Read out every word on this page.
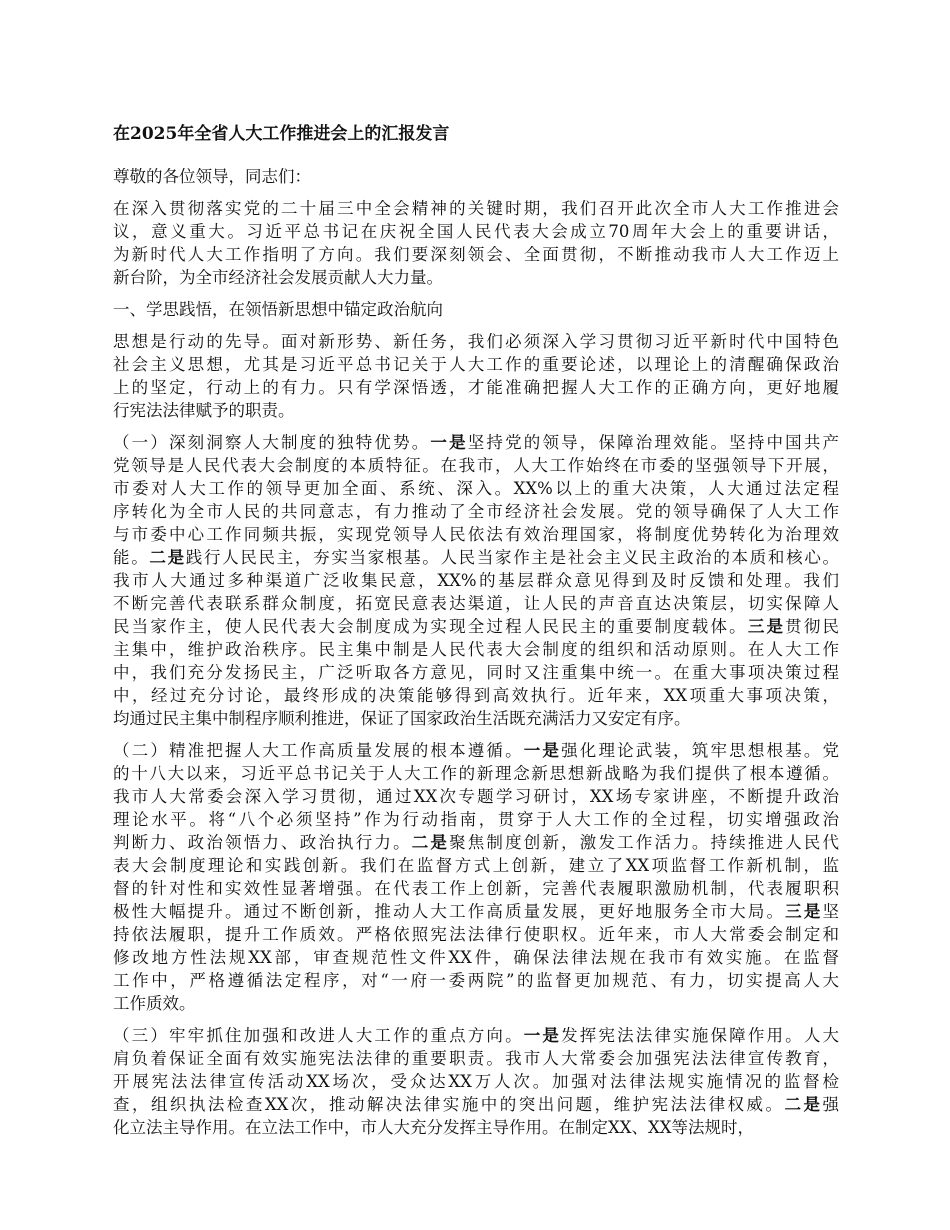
在2025年全省人大工作推进会上的汇报发言
尊敬的各位领导，同志们：
在深入贯彻落实党的二十届三中全会精神的关键时期，我们召开此次全市人大工作推进会
议，意义重大。习近平总书记在庆祝全国人民代表大会成立70周年大会上的重要讲话，
为新时代人大工作指明了方向。我们要深刻领会、全面贯彻，不断推动我市人大工作迈上
新台阶，为全市经济社会发展贡献人大力量。
一、学思践悟，在领悟新思想中锚定政治航向
思想是行动的先导。面对新形势、新任务，我们必须深入学习贯彻习近平新时代中国特色
社会主义思想，尤其是习近平总书记关于人大工作的重要论述，以理论上的清醒确保政治
上的坚定，行动上的有力。只有学深悟透，才能准确把握人大工作的正确方向，更好地履
行宪法法律赋予的职责。
（一）深刻洞察人大制度的独特优势。一是坚持党的领导，保障治理效能。坚持中国共产
党领导是人民代表大会制度的本质特征。在我市，人大工作始终在市委的坚强领导下开展，
市委对人大工作的领导更加全面、系统、深入。XX%以上的重大决策，人大通过法定程
序转化为全市人民的共同意志，有力推动了全市经济社会发展。党的领导确保了人大工作
与市委中心工作同频共振，实现党领导人民依法有效治理国家，将制度优势转化为治理效
能。二是践行人民民主，夯实当家根基。人民当家作主是社会主义民主政治的本质和核心。
我市人大通过多种渠道广泛收集民意，XX%的基层群众意见得到及时反馈和处理。我们
不断完善代表联系群众制度，拓宽民意表达渠道，让人民的声音直达决策层，切实保障人
民当家作主，使人民代表大会制度成为实现全过程人民民主的重要制度载体。三是贯彻民
主集中，维护政治秩序。民主集中制是人民代表大会制度的组织和活动原则。在人大工作
中，我们充分发扬民主，广泛听取各方意见，同时又注重集中统一。在重大事项决策过程
中，经过充分讨论，最终形成的决策能够得到高效执行。近年来，XX项重大事项决策，
均通过民主集中制程序顺利推进，保证了国家政治生活既充满活力又安定有序。
（二）精准把握人大工作高质量发展的根本遵循。一是强化理论武装，筑牢思想根基。党
的十八大以来，习近平总书记关于人大工作的新理念新思想新战略为我们提供了根本遵循。
我市人大常委会深入学习贯彻，通过XX次专题学习研讨，XX场专家讲座，不断提升政治
理论水平。将“八个必须坚持”作为行动指南，贯穿于人大工作的全过程，切实增强政治
判断力、政治领悟力、政治执行力。二是聚焦制度创新，激发工作活力。持续推进人民代
表大会制度理论和实践创新。我们在监督方式上创新，建立了XX项监督工作新机制，监
督的针对性和实效性显著增强。在代表工作上创新，完善代表履职激励机制，代表履职积
极性大幅提升。通过不断创新，推动人大工作高质量发展，更好地服务全市大局。三是坚
持依法履职，提升工作质效。严格依照宪法法律行使职权。近年来，市人大常委会制定和
修改地方性法规XX部，审查规范性文件XX件，确保法律法规在我市有效实施。在监督
工作中，严格遵循法定程序，对“一府一委两院”的监督更加规范、有力，切实提高人大
工作质效。
（三）牢牢抓住加强和改进人大工作的重点方向。一是发挥宪法法律实施保障作用。人大
肩负着保证全面有效实施宪法法律的重要职责。我市人大常委会加强宪法法律宣传教育，
开展宪法法律宣传活动XX场次，受众达XX万人次。加强对法律法规实施情况的监督检
查，组织执法检查XX次，推动解决法律实施中的突出问题，维护宪法法律权威。二是强
化立法主导作用。在立法工作中，市人大充分发挥主导作用。在制定XX、XX等法规时，
